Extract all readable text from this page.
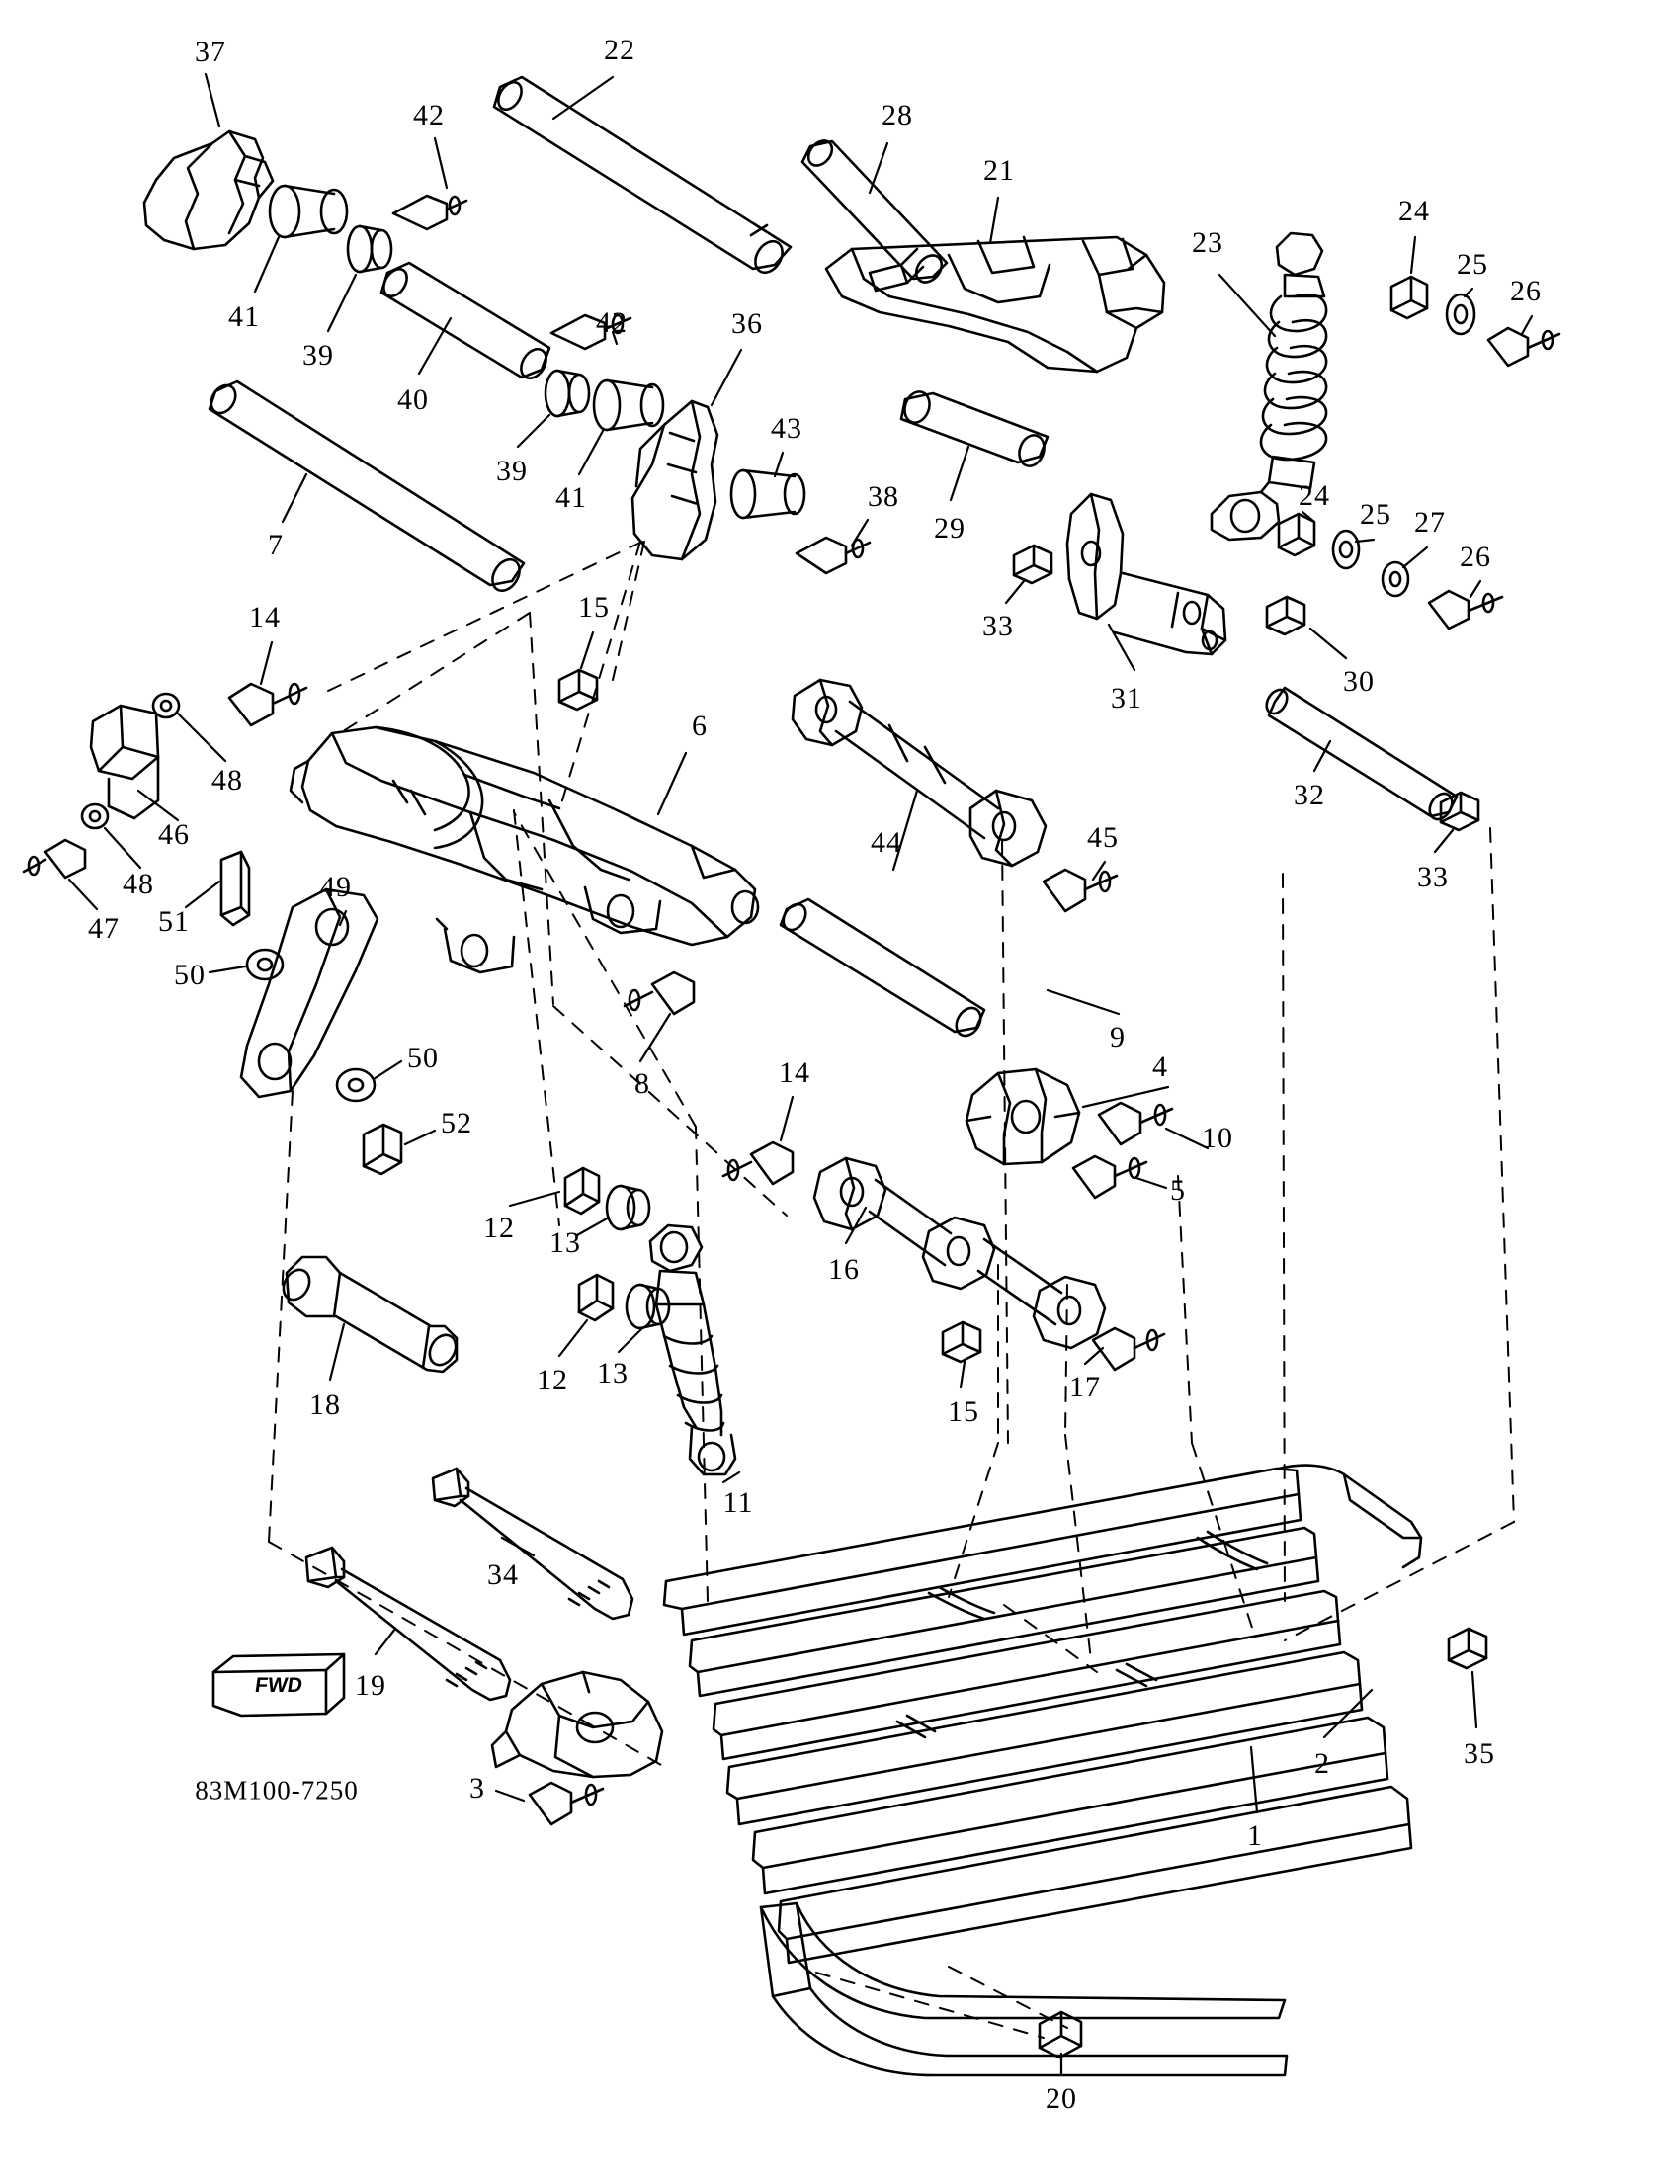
37
42
22
28
21
23
24
25
26
41
39
40
42	36
43
38
29
39
41
7
33
31
24
25 27
26
30
32
33
14	15
6
44	45
48
46
48
47 51
50
49
50
52
8
9
4
10
5
14
12 13
16
12 13
15
17
18
11
34
19
3
2	35
1
20
83M100-7250
FWD
